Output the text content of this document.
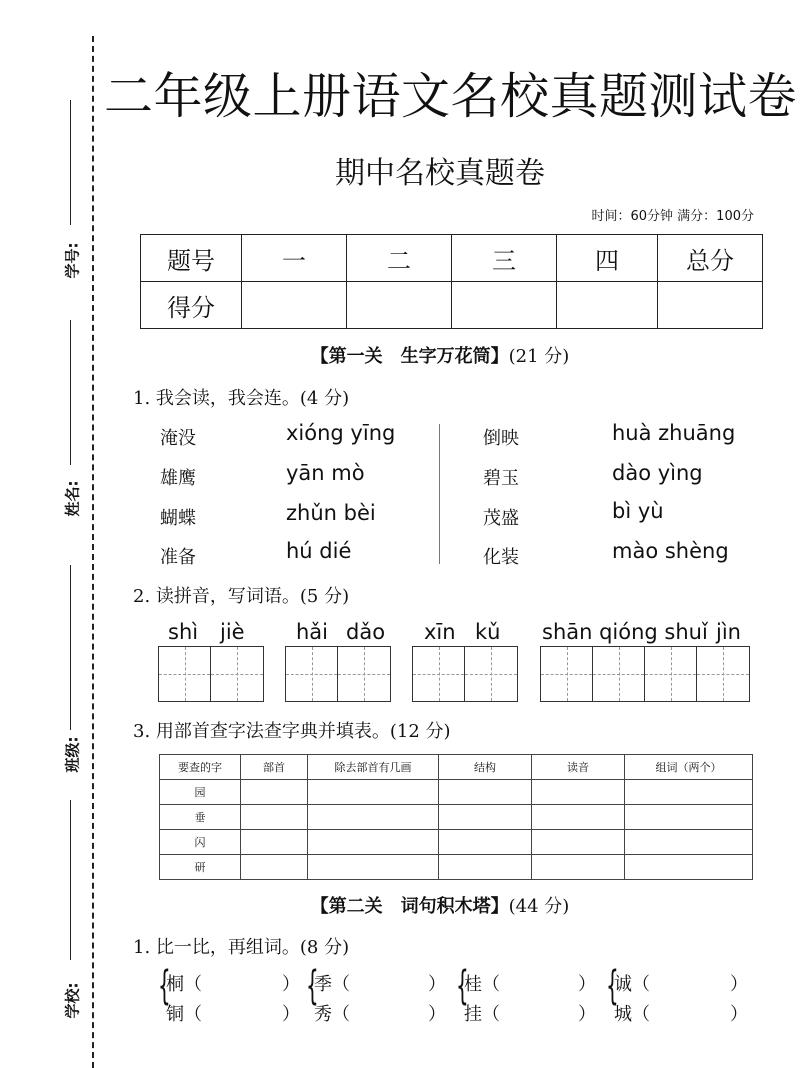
学号:
姓名:
班级:
学校:
二年级上册语文名校真题测试卷
期中名校真题卷
时间：60分钟 满分：100分
题号	一	二	三	四	总分
得分					
【第一关　生字万花筒】(21 分)
1. 我会读，我会连。(4 分)
淹没
雄鹰
蝴蝶
准备
xióng yīng
yān mò
zhǔn bèi
hú dié
倒映
碧玉
茂盛
化装
huà zhuāng
dào yìng
bì yù
mào shèng
2. 读拼音，写词语。(5 分)
shì jiè hǎi dǎo xīn kǔ shān qióng shuǐ jìn
3. 用部首查字法查字典并填表。(12 分)
要查的字	部首	除去部首有几画	结构	读音	组词（两个）
园					
垂					
闪					
研					
【第二关　词句积木塔】(44 分)
1. 比一比，再组词。(8 分)
{
桐（	）
铜（	）
{
季（	）
秀（	）
{
桂（	）
挂（	）
{
诚（	）
城（	）
